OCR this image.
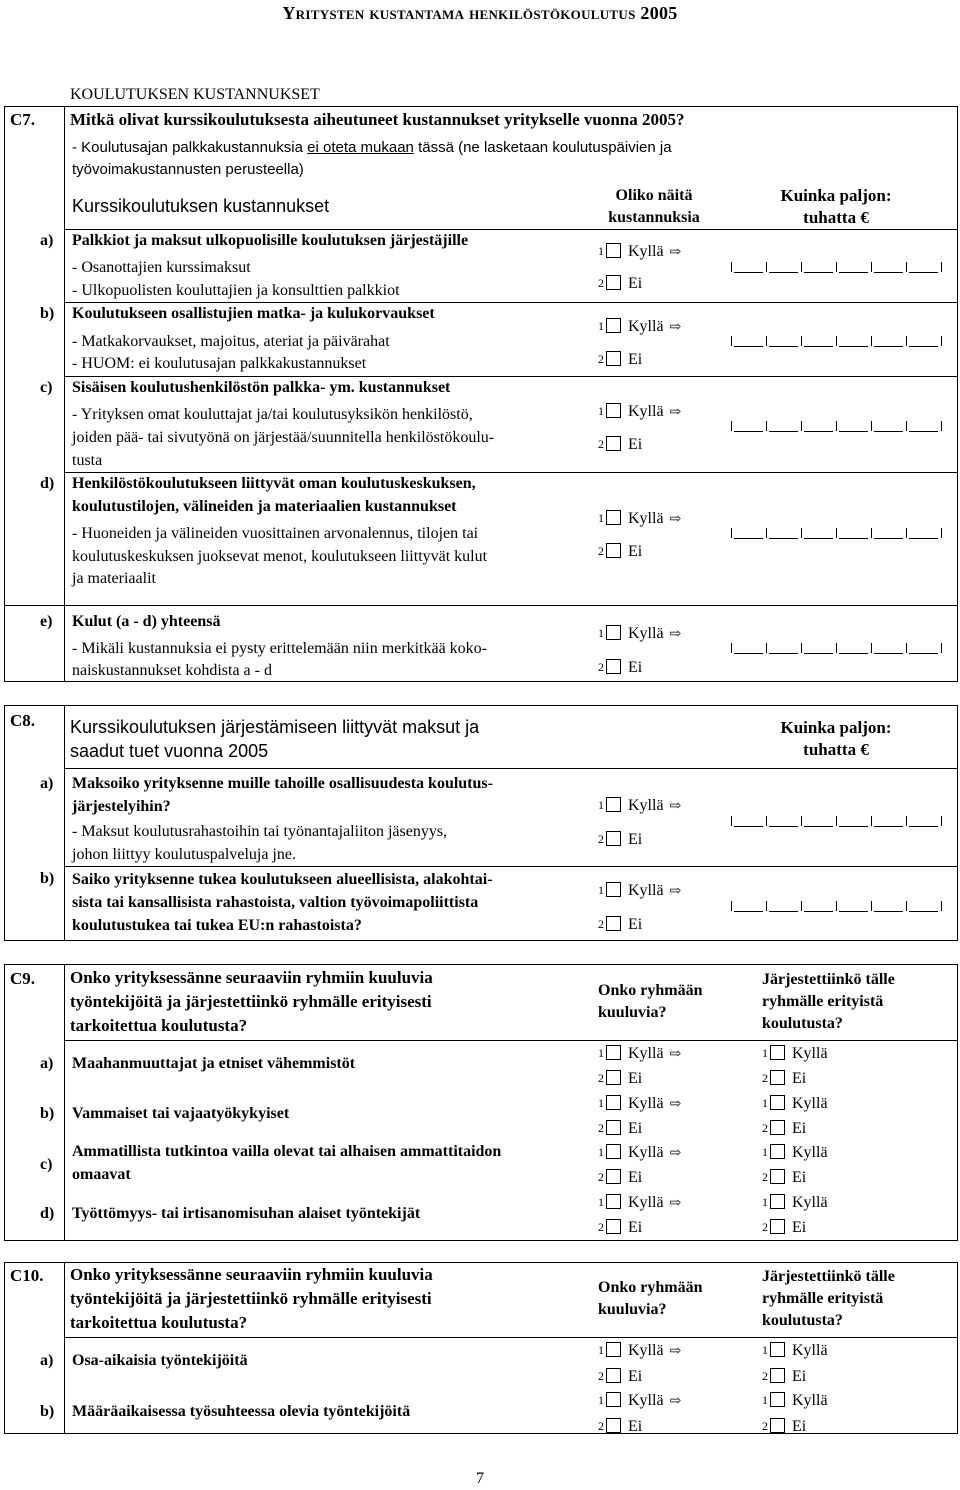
Yritysten kustantama henkilöstökoulutus 2005
KOULUTUKSEN KUSTANNUKSET
C7. Mitkä olivat kurssikoulutuksesta aiheutuneet kustannukset yritykselle vuonna 2005?
- Koulutusajan palkkakustannuksia ei oteta mukaan tässä (ne lasketaan koulutuspäivien ja
työvoimakustannusten perusteella)
Kurssikoulutuksen kustannukset
Oliko näitä
kustannuksia
Kuinka paljon:
tuhatta €
a) Palkkiot ja maksut ulkopuolisille koulutuksen järjestäjille
- Osanottajien kurssimaksut
- Ulkopuolisten kouluttajien ja konsulttien palkkiot
b) Koulutukseen osallistujien matka- ja kulukorvaukset
- Matkakorvaukset, majoitus, ateriat ja päivärahat
- HUOM: ei koulutusajan palkkakustannukset
c) Sisäisen koulutushenkilöstön palkka- ym. kustannukset
- Yrityksen omat kouluttajat ja/tai koulutusyksikön henkilöstö,
joiden pää- tai sivutyönä on järjestää/suunnitella henkilöstökoulu-
tusta
d) Henkilöstökoulutukseen liittyvät oman koulutuskeskuksen,
koulutustilojen, välineiden ja materiaalien kustannukset
- Huoneiden ja välineiden vuosittainen arvonalennus, tilojen tai
koulutuskeskuksen juoksevat menot, koulutukseen liittyvät kulut
ja materiaalit
e) Kulut (a - d) yhteensä
- Mikäli kustannuksia ei pysty erittelemään niin merkitkää koko-
naiskustannukset kohdista a - d
C8. Kurssikoulutuksen järjestämiseen liittyvät maksut ja
saadut tuet vuonna 2005
Kuinka paljon:
tuhatta €
a) Maksoiko yrityksenne muille tahoille osallisuudesta koulutus-
järjestelyihin?
- Maksut koulutusrahastoihin tai työnantajaliiton jäsenyys,
johon liittyy koulutuspalveluja jne.
b) Saiko yrityksenne tukea koulutukseen alueellisista, alakohtai-
sista tai kansallisista rahastoista, valtion työvoimapoliittista
koulutustukea tai tukea EU:n rahastoista?
C9. Onko yrityksessänne seuraaviin ryhmiin kuuluvia
työntekijöitä ja järjestettiinkö ryhmälle erityisesti
tarkoitettua koulutusta?
Onko ryhmään
kuuluvia?
Järjestettiinkö tälle
ryhmälle erityistä
koulutusta?
a) Maahanmuuttajat ja etniset vähemmistöt
b) Vammaiset tai vajaatyökykyiset
c)
Ammatillista tutkintoa vailla olevat tai alhaisen ammattitaidon
omaavat
d) Työttömyys- tai irtisanomisuhan alaiset työntekijät
C10. Onko yrityksessänne seuraaviin ryhmiin kuuluvia
työntekijöitä ja järjestettiinkö ryhmälle erityisesti
tarkoitettua koulutusta?
Onko ryhmään
kuuluvia?
Järjestettiinkö tälle
ryhmälle erityistä
koulutusta?
a) Osa-aikaisia työntekijöitä
b) Määräaikaisessa työsuhteessa olevia työntekijöitä
7
1 Kyllä ⇨
2 Ei
1 Kyllä ⇨
2 Ei
1 Kyllä ⇨
2 Ei
1 Kyllä ⇨
2 Ei
1 Kyllä ⇨
2 Ei
1 Kyllä ⇨
2 Ei
1 Kyllä ⇨
2 Ei
1 Kyllä ⇨
2 Ei
1 Kyllä
2 Ei
1 Kyllä ⇨
2 Ei
1 Kyllä
2 Ei
1 Kyllä ⇨
2 Ei
1 Kyllä
2 Ei
1 Kyllä ⇨
2 Ei
1 Kyllä
2 Ei
1 Kyllä ⇨
2 Ei
1 Kyllä
2 Ei
1 Kyllä ⇨
2 Ei
1 Kyllä
2 Ei
